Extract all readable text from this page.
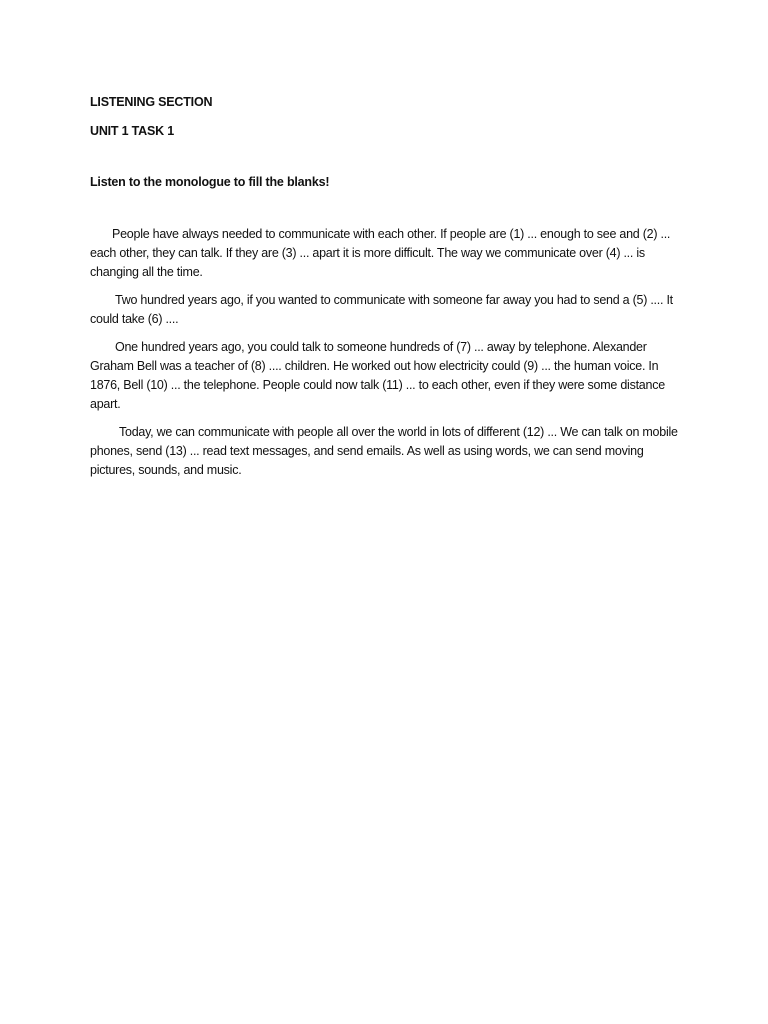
LISTENING SECTION

UNIT 1 TASK 1

Listen to the monologue to fill the blanks!

People have always needed to communicate with each other. If people are (1) ... enough to see and (2) ... each other, they can talk. If they are (3) ... apart it is more difficult. The way we communicate over (4) ... is changing all the time.

Two hundred years ago, if you wanted to communicate with someone far away you had to send a (5) .... It could take (6) ....

One hundred years ago, you could talk to someone hundreds of (7) ... away by telephone. Alexander Graham Bell was a teacher of (8) .... children. He worked out how electricity could (9) ... the human voice. In 1876, Bell (10) ... the telephone. People could now talk (11) ... to each other, even if they were some distance apart.

Today, we can communicate with people all over the world in lots of different (12) ... We can talk on mobile phones, send (13) ... read text messages, and send emails. As well as using words, we can send moving pictures, sounds, and music.
